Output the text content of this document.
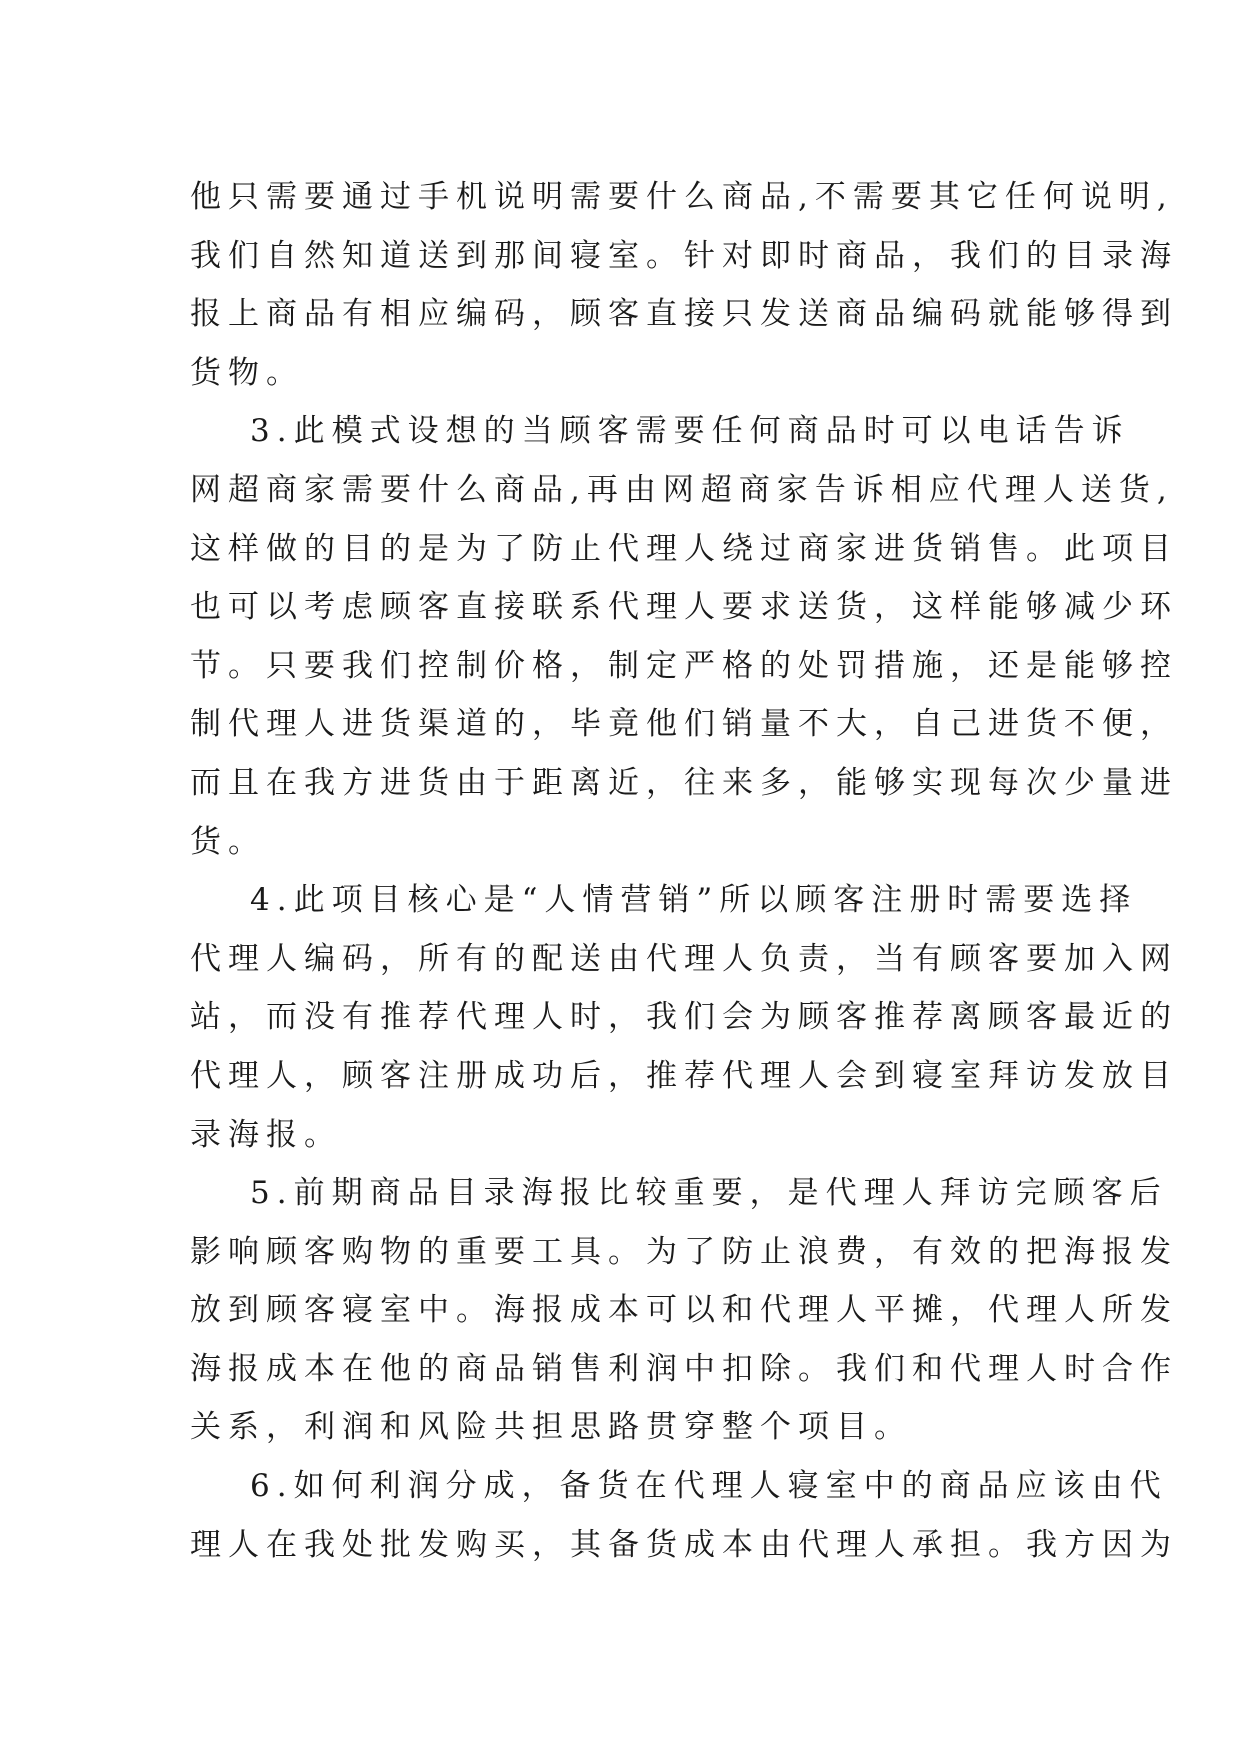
他只需要通过手机说明需要什么商品,不需要其它任何说明,
我们自然知道送到那间寝室。针对即时商品，我们的目录海
报上商品有相应编码，顾客直接只发送商品编码就能够得到
货物。
3.此模式设想的当顾客需要任何商品时可以电话告诉
网超商家需要什么商品,再由网超商家告诉相应代理人送货,
这样做的目的是为了防止代理人绕过商家进货销售。此项目
也可以考虑顾客直接联系代理人要求送货，这样能够减少环
节。只要我们控制价格，制定严格的处罚措施，还是能够控
制代理人进货渠道的，毕竟他们销量不大，自己进货不便，
而且在我方进货由于距离近，往来多，能够实现每次少量进
货。
4.此项目核心是“人情营销”所以顾客注册时需要选择
代理人编码，所有的配送由代理人负责，当有顾客要加入网
站，而没有推荐代理人时，我们会为顾客推荐离顾客最近的
代理人，顾客注册成功后，推荐代理人会到寝室拜访发放目
录海报。
5.前期商品目录海报比较重要，是代理人拜访完顾客后
影响顾客购物的重要工具。为了防止浪费，有效的把海报发
放到顾客寝室中。海报成本可以和代理人平摊，代理人所发
海报成本在他的商品销售利润中扣除。我们和代理人时合作
关系，利润和风险共担思路贯穿整个项目。
6.如何利润分成，备货在代理人寝室中的商品应该由代
理人在我处批发购买，其备货成本由代理人承担。我方因为
